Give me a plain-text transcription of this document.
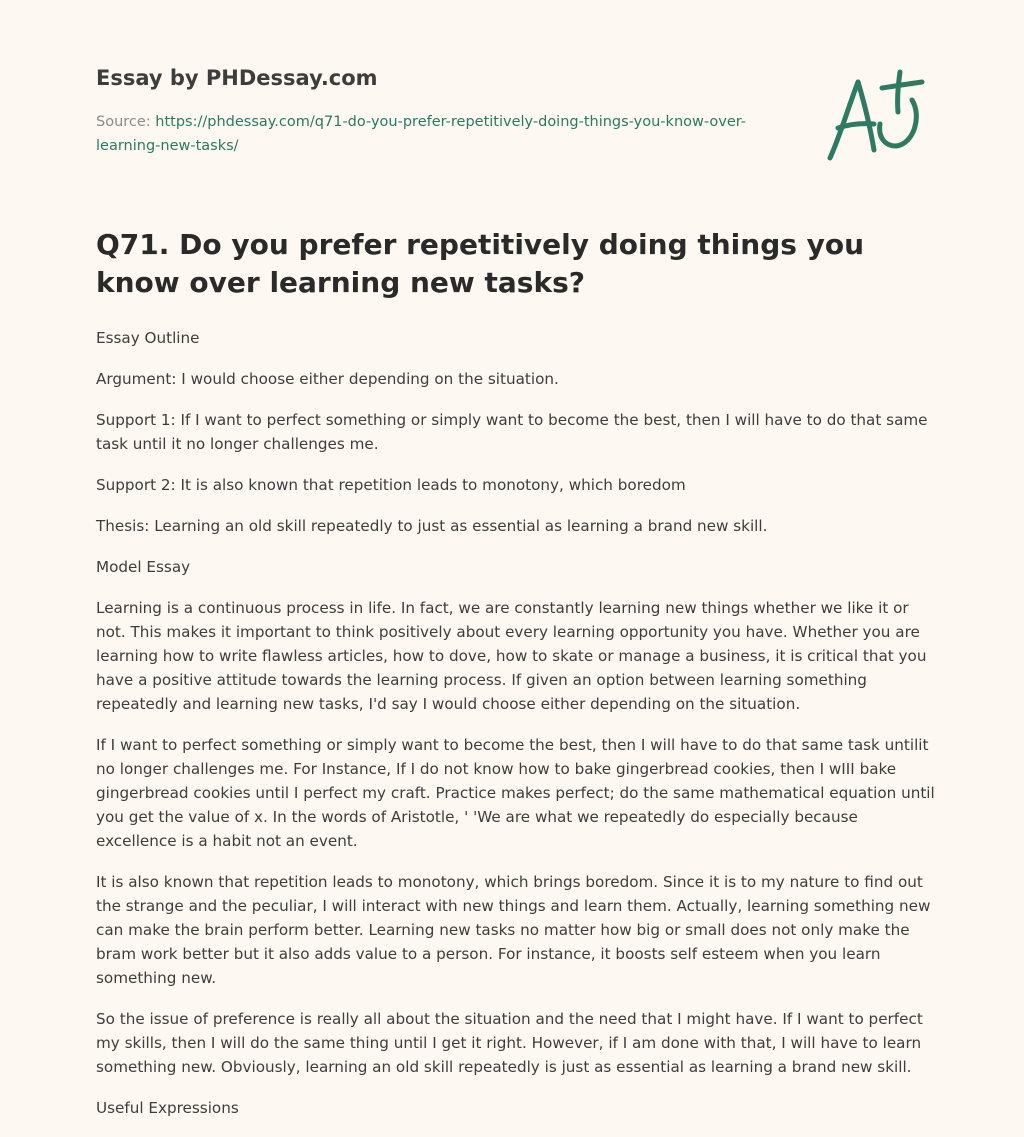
Essay by PHDessay.com
Source: https://phdessay.com/q71-do-you-prefer-repetitively-doing-things-you-know-over-learning-new-tasks/
Q71. Do you prefer repetitively doing things you know over learning new tasks?

Essay Outline

Argument: I would choose either depending on the situation.

Support 1: If I want to perfect something or simply want to become the best, then I will have to do that same task until it no longer challenges me.

Support 2: It is also known that repetition leads to monotony, which boredom

Thesis: Learning an old skill repeatedly to just as essential as learning a brand new skill.

Model Essay

Learning is a continuous process in life. In fact, we are constantly learning new things whether we like it or not. This makes it important to think positively about every learning opportunity you have. Whether you are learning how to write flawless articles, how to dove, how to skate or manage a business, it is critical that you have a positive attitude towards the learning process. If given an option between learning something repeatedly and learning new tasks, I'd say I would choose either depending on the situation.

If I want to perfect something or simply want to become the best, then I will have to do that same task untilit no longer challenges me. For Instance, If I do not know how to bake gingerbread cookies, then I wIII bake gingerbread cookies until I perfect my craft. Practice makes perfect; do the same mathematical equation until you get the value of x. In the words of Aristotle, ' 'We are what we repeatedly do especially because excellence is a habit not an event.

It is also known that repetition leads to monotony, which brings boredom. Since it is to my nature to find out the strange and the peculiar, I will interact with new things and learn them. Actually, learning something new can make the brain perform better. Learning new tasks no matter how big or small does not only make the bram work better but it also adds value to a person. For instance, it boosts self esteem when you learn something new.

So the issue of preference is really all about the situation and the need that I might have. If I want to perfect my skills, then I will do the same thing until I get it right. However, if I am done with that, I will have to learn something new. Obviously, learning an old skill repeatedly is just as essential as learning a brand new skill.

Useful Expressions
